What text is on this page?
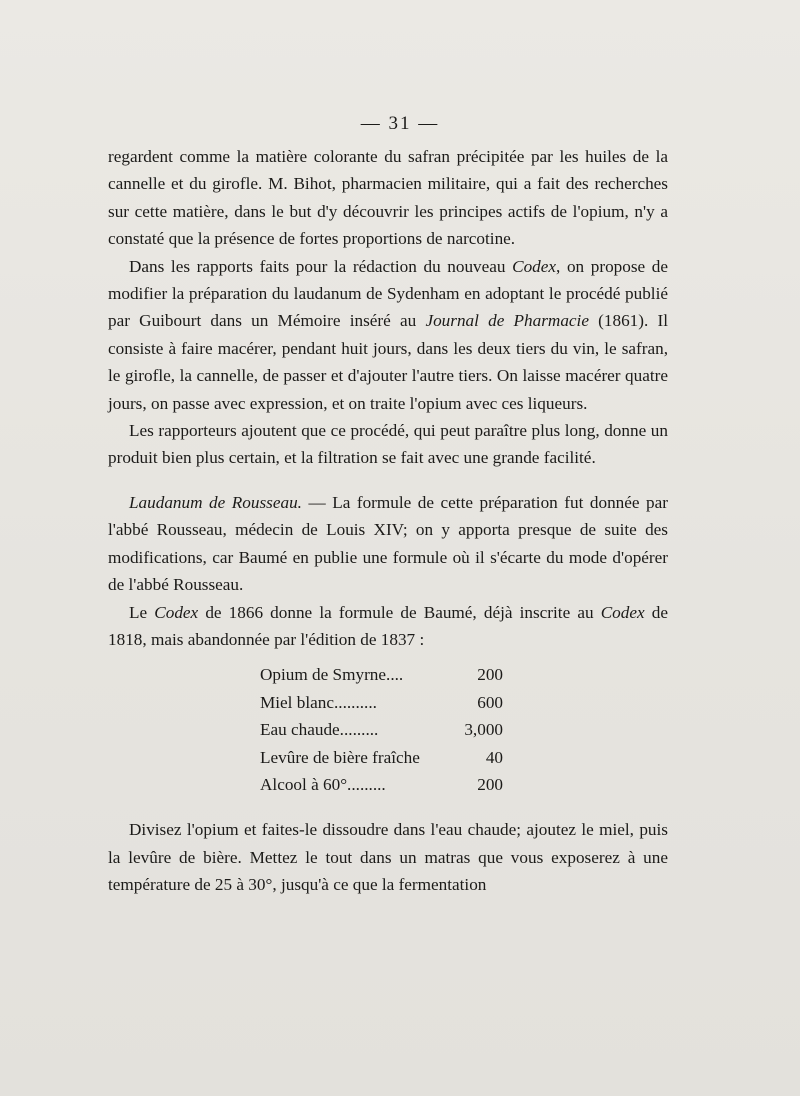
— 31 —

regardent comme la matière colorante du safran précipitée par les huiles de la cannelle et du girofle. M. Bihot, pharmacien militaire, qui a fait des recherches sur cette matière, dans le but d'y découvrir les principes actifs de l'opium, n'y a constaté que la présence de fortes proportions de narcotine.

Dans les rapports faits pour la rédaction du nouveau Codex, on propose de modifier la préparation du laudanum de Sydenham en adoptant le procédé publié par Guibourt dans un Mémoire inséré au Journal de Pharmacie (1861). Il consiste à faire macérer, pendant huit jours, dans les deux tiers du vin, le safran, le girofle, la cannelle, de passer et d'ajouter l'autre tiers. On laisse macérer quatre jours, on passe avec expression, et on traite l'opium avec ces liqueurs.

Les rapporteurs ajoutent que ce procédé, qui peut paraître plus long, donne un produit bien plus certain, et la filtration se fait avec une grande facilité.

Laudanum de Rousseau. — La formule de cette préparation fut donnée par l'abbé Rousseau, médecin de Louis XIV; on y apporta presque de suite des modifications, car Baumé en publie une formule où il s'écarte du mode d'opérer de l'abbé Rousseau.

Le Codex de 1866 donne la formule de Baumé, déjà inscrite au Codex de 1818, mais abandonnée par l'édition de 1837 :

Opium de Smyrne....	200
Miel blanc..........	600
Eau chaude.........	3,000
Levûre de bière fraîche	40
Alcool à 60°.........	200

Divisez l'opium et faites-le dissoudre dans l'eau chaude; ajoutez le miel, puis la levûre de bière. Mettez le tout dans un matras que vous exposerez à une température de 25 à 30°, jusqu'à ce que la fermentation
